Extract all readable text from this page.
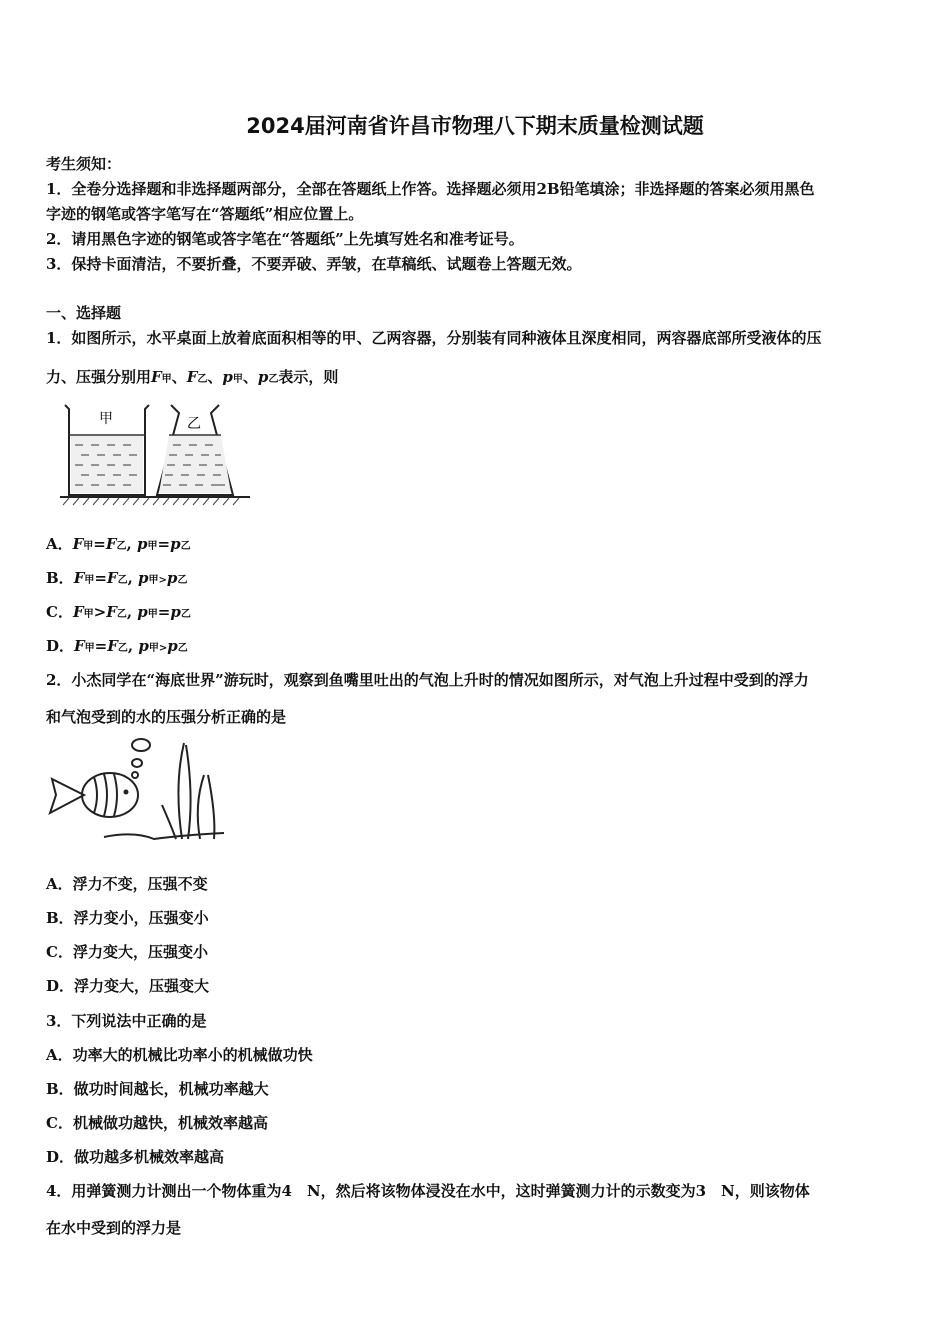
2024届河南省许昌市物理八下期末质量检测试题
考生须知：
1．全卷分选择题和非选择题两部分，全部在答题纸上作答。选择题必须用2B铅笔填涂；非选择题的答案必须用黑色
字迹的钢笔或答字笔写在“答题纸”相应位置上。
2．请用黑色字迹的钢笔或答字笔在“答题纸”上先填写姓名和准考证号。
3．保持卡面清洁，不要折叠，不要弄破、弄皱，在草稿纸、试题卷上答题无效。
一、选择题
1．如图所示，水平桌面上放着底面积相等的甲、乙两容器，分别装有同种液体且深度相同，两容器底部所受液体的压
力、压强分别用F甲、F乙、p甲、p乙表示，则
甲	乙
A．F甲=F乙, p甲=p乙
B．F甲=F乙, p甲>p乙
C．F甲>F乙, p甲=p乙
D．F甲=F乙, p甲>p乙
2．小杰同学在“海底世界”游玩时，观察到鱼嘴里吐出的气泡上升时的情况如图所示，对气泡上升过程中受到的浮力
和气泡受到的水的压强分析正确的是
A．浮力不变，压强不变
B．浮力变小，压强变小
C．浮力变大，压强变小
D．浮力变大，压强变大
3．下列说法中正确的是
A．功率大的机械比功率小的机械做功快
B．做功时间越长，机械功率越大
C．机械做功越快，机械效率越高
D．做功越多机械效率越高
4．用弹簧测力计测出一个物体重为4　N，然后将该物体浸没在水中，这时弹簧测力计的示数变为3　N，则该物体
在水中受到的浮力是
